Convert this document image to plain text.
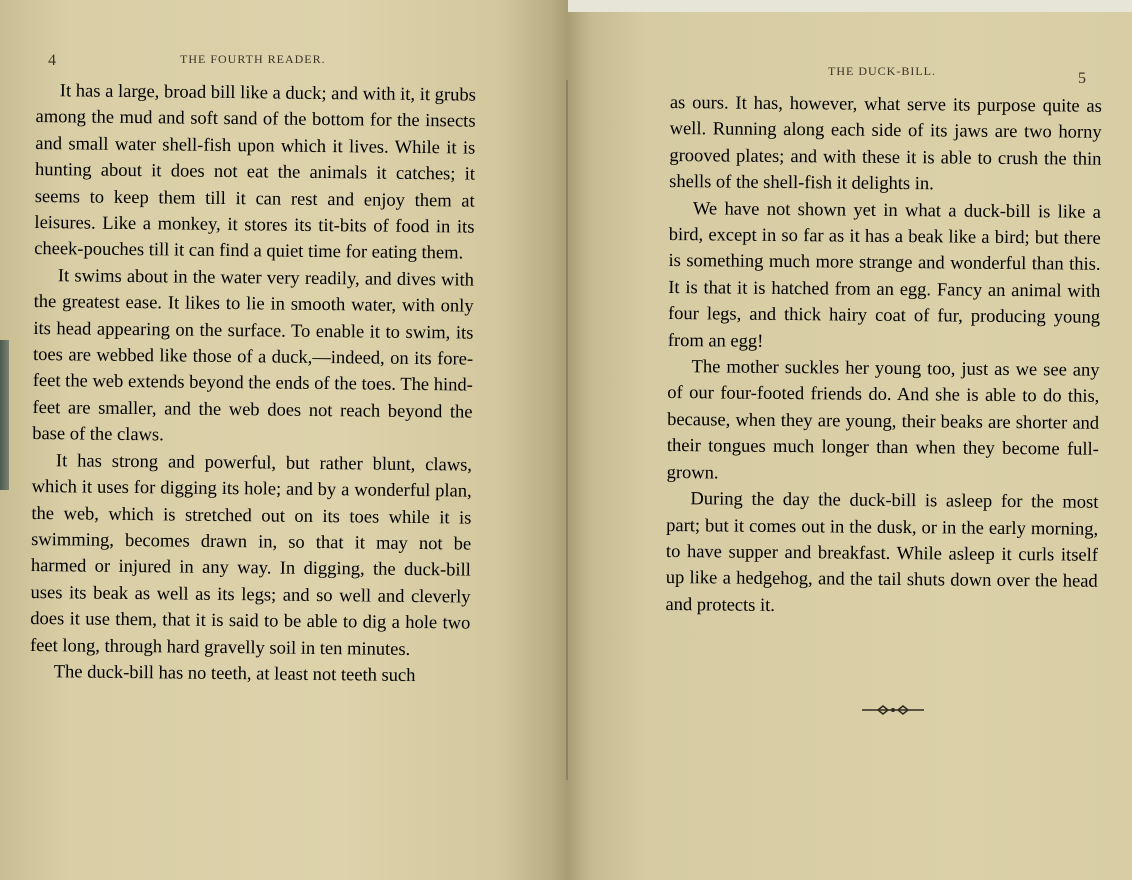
4	THE FOURTH READER.

It has a large, broad bill like a duck; and with it, it grubs among the mud and soft sand of the bottom for the insects and small water shell-fish upon which it lives. While it is hunting about it does not eat the animals it catches; it seems to keep them till it can rest and enjoy them at leisures. Like a monkey, it stores its tit-bits of food in its cheek-pouches till it can find a quiet time for eating them.

It swims about in the water very readily, and dives with the greatest ease. It likes to lie in smooth water, with only its head appearing on the surface. To enable it to swim, its toes are webbed like those of a duck,—indeed, on its fore-feet the web extends beyond the ends of the toes. The hind-feet are smaller, and the web does not reach beyond the base of the claws.

It has strong and powerful, but rather blunt, claws, which it uses for digging its hole; and by a wonderful plan, the web, which is stretched out on its toes while it is swimming, becomes drawn in, so that it may not be harmed or injured in any way. In digging, the duck-bill uses its beak as well as its legs; and so well and cleverly does it use them, that it is said to be able to dig a hole two feet long, through hard gravelly soil in ten minutes.

The duck-bill has no teeth, at least not teeth such

THE DUCK-BILL.	5

as ours. It has, however, what serve its purpose quite as well. Running along each side of its jaws are two horny grooved plates; and with these it is able to crush the thin shells of the shell-fish it delights in.

We have not shown yet in what a duck-bill is like a bird, except in so far as it has a beak like a bird; but there is something much more strange and wonderful than this. It is that it is hatched from an egg. Fancy an animal with four legs, and thick hairy coat of fur, producing young from an egg!

The mother suckles her young too, just as we see any of our four-footed friends do. And she is able to do this, because, when they are young, their beaks are shorter and their tongues much longer than when they become full-grown.

During the day the duck-bill is asleep for the most part; but it comes out in the dusk, or in the early morning, to have supper and breakfast. While asleep it curls itself up like a hedgehog, and the tail shuts down over the head and protects it.
